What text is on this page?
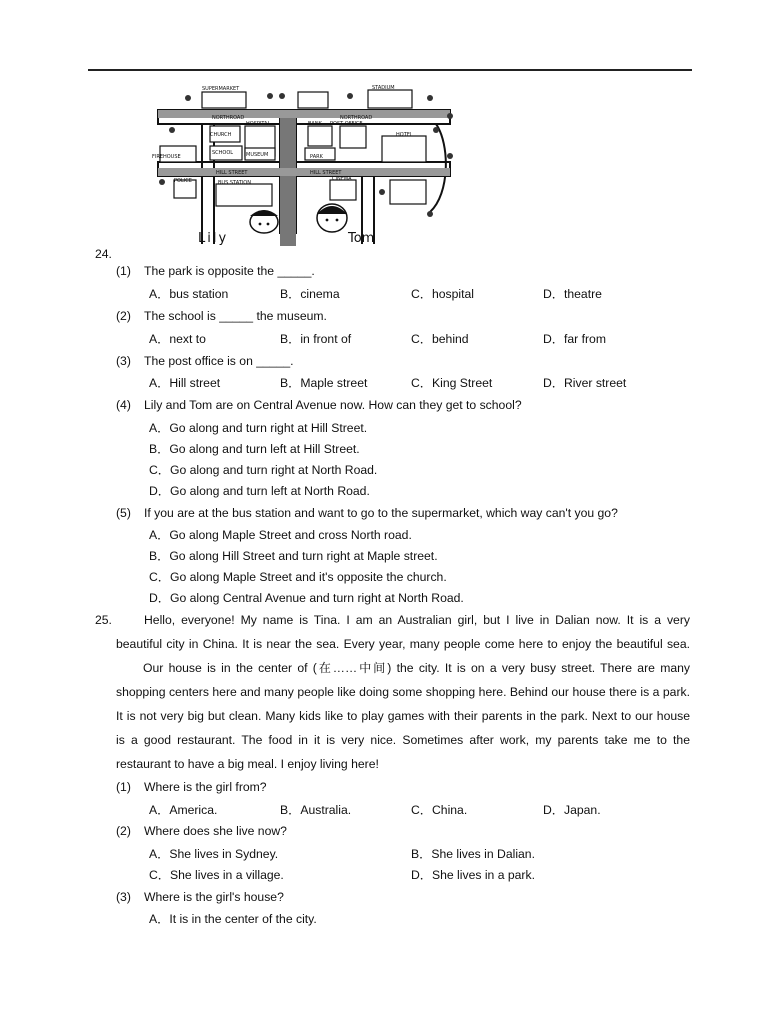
SUPERMARKET	STADIUM
NORTHROAD	NORTHROAD
HOSPITAL
CHURCH
BANK POST OFFICE
HOTEL
SCHOOL	MUSEUM
FIREHOUSE	PARK
HILL STREET	HILL STREET
POLICE	CINEMA
BUS STATION
Lily	Tom
24.
(1) The park is opposite the _____.
A．bus station	B．cinema	C．hospital	D．theatre
(2) The school is _____ the museum.
A．next to	B．in front of	C．behind	D．far from
(3) The post office is on _____.
A．Hill street	B．Maple street	C．King Street	D．River street
(4) Lily and Tom are on Central Avenue now. How can they get to school?
A．Go along and turn right at Hill Street.
B．Go along and turn left at Hill Street.
C．Go along and turn right at North Road.
D．Go along and turn left at North Road.
(5) If you are at the bus station and want to go to the supermarket, which way can't you go?
A．Go along Maple Street and cross North road.
B．Go along Hill Street and turn right at Maple street.
C．Go along Maple Street and it's opposite the church.
D．Go along Central Avenue and turn right at North Road.
25.	Hello, everyone! My name is Tina. I am an Australian girl, but I live in Dalian now. It is a very
beautiful city in China. It is near the sea. Every year, many people come here to enjoy the beautiful sea.
Our house is in the center of (在……中间) the city. It is on a very busy street. There are many
shopping centers here and many people like doing some shopping here. Behind our house there is a park.
It is not very big but clean. Many kids like to play games with their parents in the park. Next to our house
is a good restaurant. The food in it is very nice. Sometimes after work, my parents take me to the
restaurant to have a big meal. I enjoy living here!
(1) Where is the girl from?
A．America.	B．Australia.	C．China.	D．Japan.
(2) Where does she live now?
A．She lives in Sydney.	B．She lives in Dalian.
C．She lives in a village.	D．She lives in a park.
(3) Where is the girl's house?
A．It is in the center of the city.
